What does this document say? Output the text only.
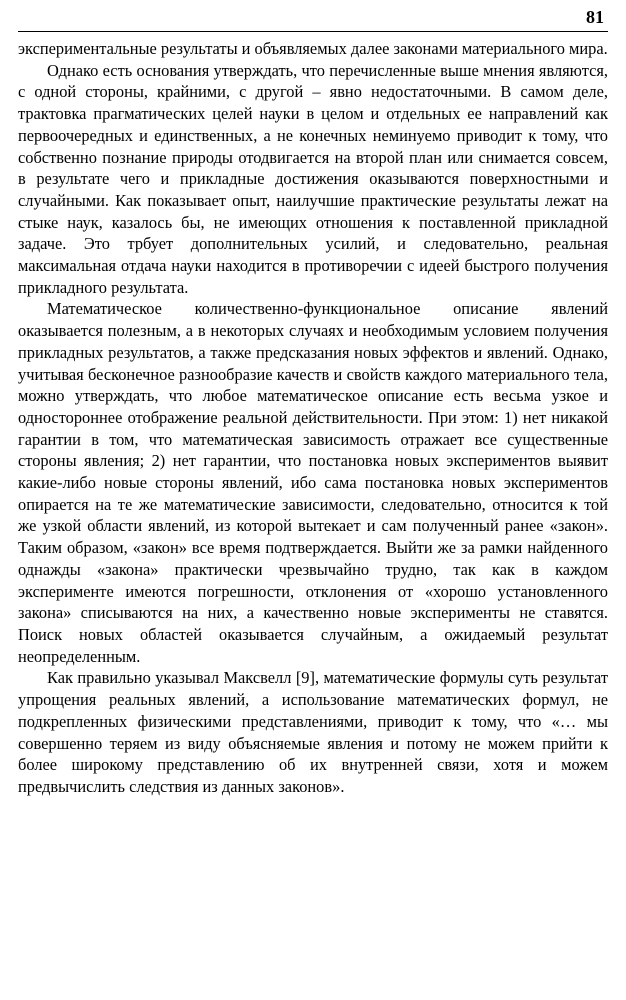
81

экспериментальные результаты и объявляемых далее законами материального мира.

Однако есть основания утверждать, что перечисленные выше мнения являются, с одной стороны, крайними, с другой – явно недостаточными. В самом деле, трактовка прагматических целей науки в целом и отдельных ее направлений как первоочередных и единственных, а не конечных неминуемо приводит к тому, что собственно познание природы отодвигается на второй план или снимается совсем, в результате чего и прикладные достижения оказываются поверхностными и случайными. Как показывает опыт, наилучшие практические результаты лежат на стыке наук, казалось бы, не имеющих отношения к поставленной прикладной задаче. Это трбует дополнительных усилий, и следовательно, реальная максимальная отдача науки находится в противоречии с идеей быстрого получения прикладного результата.

Математическое количественно-функциональное описание явлений оказывается полезным, а в некоторых случаях и необходимым условием получения прикладных результатов, а также предсказания новых эффектов и явлений. Однако, учитывая бесконечное разнообразие качеств и свойств каждого материального тела, можно утверждать, что любое математическое описание есть весьма узкое и одностороннее отображение реальной действительности. При этом: 1) нет никакой гарантии в том, что математическая зависимость отражает все существенные стороны явления; 2) нет гарантии, что постановка новых экспериментов выявит какие-либо новые стороны явлений, ибо сама постановка новых экспериментов опирается на те же математические зависимости, следовательно, относится к той же узкой области явлений, из которой вытекает и сам полученный ранее «закон». Таким образом, «закон» все время подтверждается. Выйти же за рамки найденного однажды «закона» практически чрезвычайно трудно, так как в каждом эксперименте имеются погрешности, отклонения от «хорошо установленного закона» списываются на них, а качественно новые эксперименты не ставятся. Поиск новых областей оказывается случайным, а ожидаемый результат неопределенным.

Как правильно указывал Максвелл [9], математические формулы суть результат упрощения реальных явлений, а использование математических формул, не подкрепленных физическими представлениями, приводит к тому, что «… мы совершенно теряем из виду объясняемые явления и потому не можем прийти к более широкому представлению об их внутренней связи, хотя и можем предвычислить следствия из данных законов».
